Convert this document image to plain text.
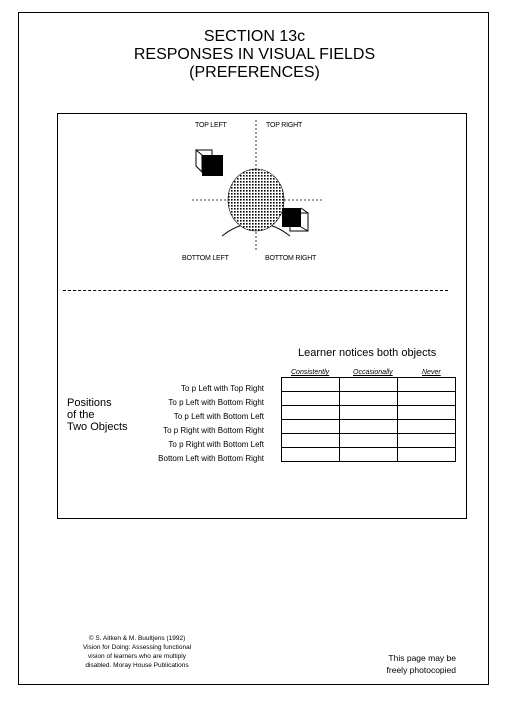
SECTION 13c
RESPONSES IN VISUAL FIELDS
(PREFERENCES)
TOP LEFT	TOP RIGHT
BOTTOM LEFT	BOTTOM RIGHT
Learner notices both objects
Consistently	Occasionally	Never
Positions
of the
Two Objects
To p Left with Top Right
To p Left with Bottom Right
To p Left with Bottom Left
To p Right with Bottom Right
To p Right with Bottom Left
Bottom Left with Bottom Right

© S. Aitken & M. Buultjens (1992)
Vision for Doing: Assessing functional
vision of learners who are multiply
disabled. Moray House Publications
This page may be
freely photocopied
